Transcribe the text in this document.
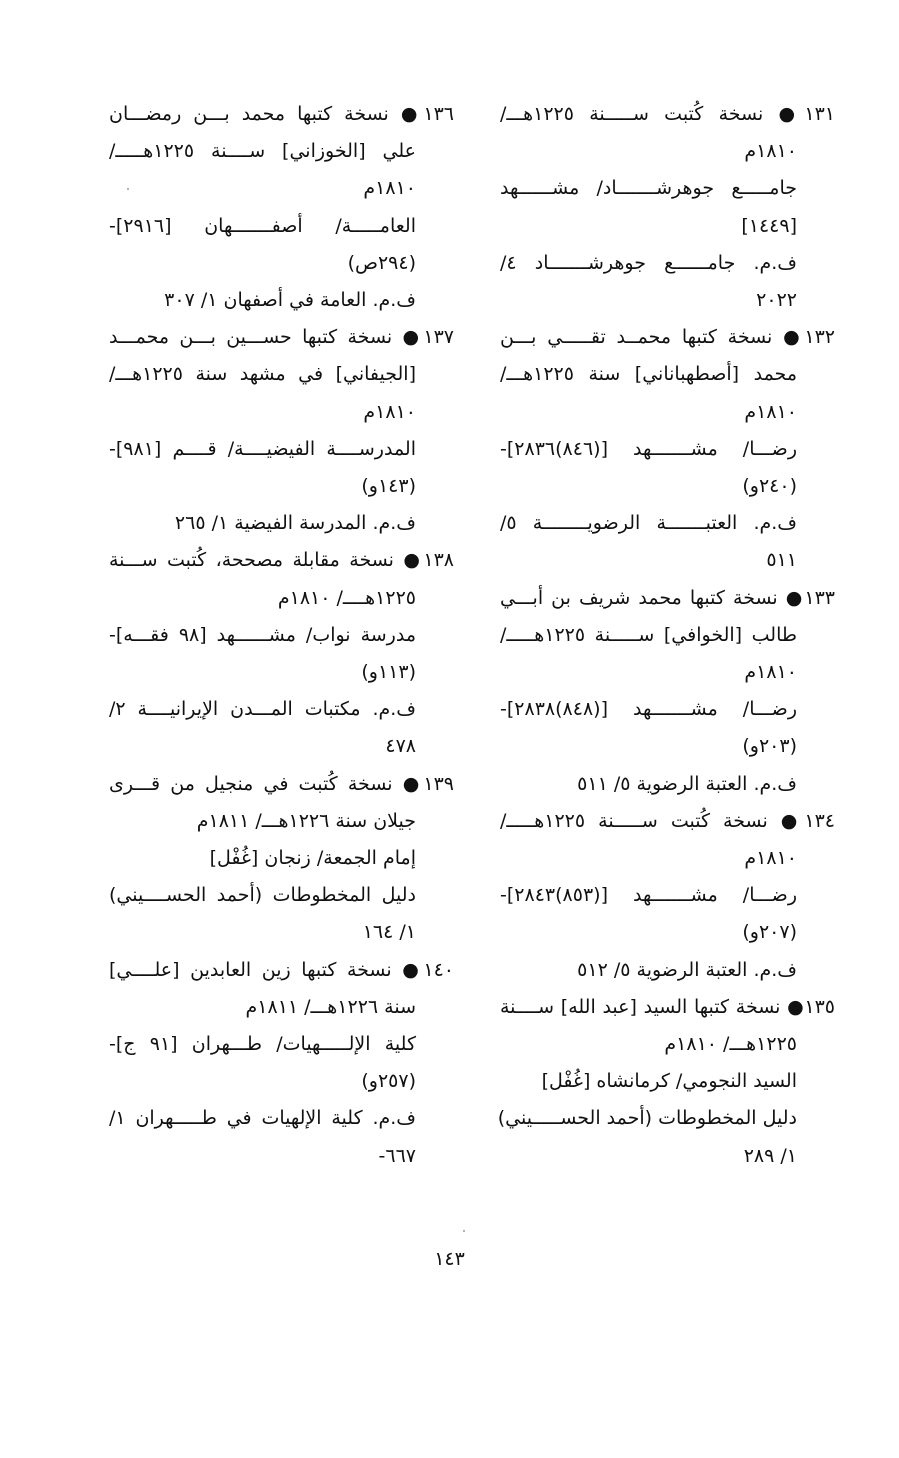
١٣١● نسخة كُتبت ســـــنة ١٢٢٥هـــ/
١٨١٠م
جامـــــع جوهرشـــــــاد/ مشــــــهد
[١٤٤٩]
ف.م. جامــــــع جوهرشـــــــاد ٤/
٢٠٢٢
١٣٢● نسخة كتبها محمــد تقـــــي بـــن
محمد [أصطهباناني] سنة ١٢٢٥هـــ/
١٨١٠م
رضـــا/ مشـــــــهد [(٨٤٦)٢٨٣٦]-
(٢٤٠و)
ف.م. العتبـــــــة الرضويــــــــة ٥/
٥١١
١٣٣● نسخة كتبها محمد شريف بن أبـــي
طالب [الخوافي] ســـــنة ١٢٢٥هـــــ/
١٨١٠م
رضـــا/ مشـــــــهد [(٨٤٨)٢٨٣٨]-
(٢٠٣و)
ف.م. العتبة الرضوية ٥/ ٥١١
١٣٤● نسخة كُتبت ســـــنة ١٢٢٥هـــــ/
١٨١٠م
رضـــا/ مشـــــــهد [(٨٥٣)٢٨٤٣]-
(٢٠٧و)
ف.م. العتبة الرضوية ٥/ ٥١٢
١٣٥● نسخة كتبها السيد [عبد الله] ســــنة
١٢٢٥هـــ/ ١٨١٠م
السيد النجومي/ كرمانشاه [غُفْل]
دليل المخطوطات (أحمد الحســـــيني)
١/ ٢٨٩
١٣٦● نسخة كتبها محمد بـــن رمضـــان
علي [الخوزاني] ســــنة ١٢٢٥هـــــ/
١٨١٠م
العامـــــة/ أصفـــــــهان [٢٩١٦]-
(٢٩٤ص)
ف.م. العامة في أصفهان ١/ ٣٠٧
١٣٧● نسخة كتبها حســـين بـــن محمـــد
[الجيفاني] في مشهد سنة ١٢٢٥هـــ/
١٨١٠م
المدرســــة الفيضيــــة/ قــــم [٩٨١]-
(١٤٣و)
ف.م. المدرسة الفيضية ١/ ٢٦٥
١٣٨● نسخة مقابلة مصححة، كُتبت ســـنة
١٢٢٥هــــ/ ١٨١٠م
مدرسة نواب/ مشــــــهد [٩٨ فقـــه]-
(١١٣و)
ف.م. مكتبات المـــدن الإيرانيــــة ٢/
٤٧٨
١٣٩● نسخة كُتبت في منجيل من قـــرى
جيلان سنة ١٢٢٦هـــ/ ١٨١١م
إمام الجمعة/ زنجان [غُفْل]
دليل المخطوطات (أحمد الحســــيني)
١/ ١٦٤
١٤٠● نسخة كتبها زين العابدين [علــــي]
سنة ١٢٢٦هـــ/ ١٨١١م
كلية الإلـــــهيات/ طـــهران [٩١ ج]-
(٢٥٧و)
ف.م. كلية الإلهيات في طـــــهران ١/
٦٦٧-
١٤٣
